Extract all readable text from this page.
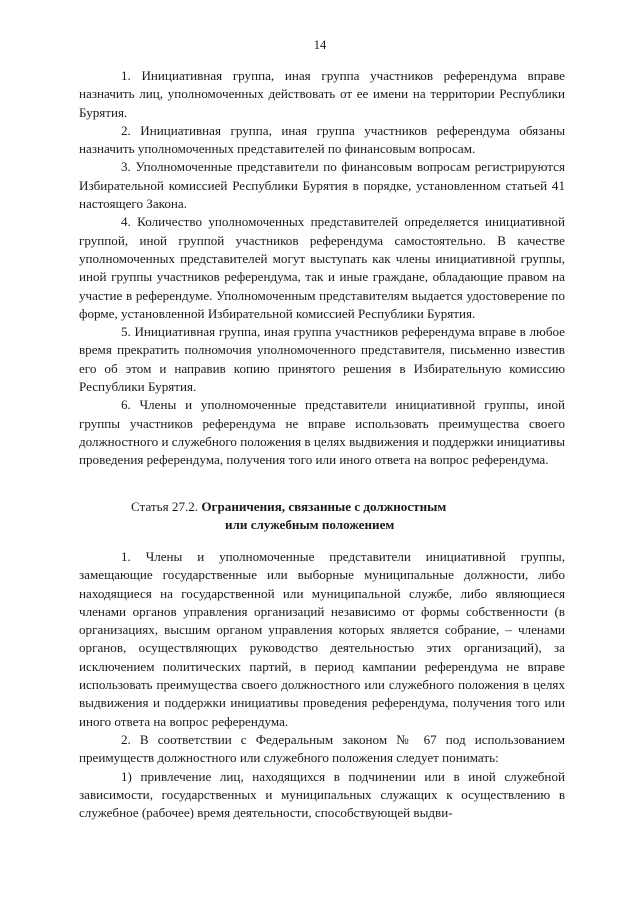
14

1. Инициативная группа, иная группа участников референдума вправе назначить лиц, уполномоченных действовать от ее имени на территории Республики Бурятия.

2. Инициативная группа, иная группа участников референдума обязаны назначить уполномоченных представителей по финансовым вопросам.

3. Уполномоченные представители по финансовым вопросам регистрируются Избирательной комиссией Республики Бурятия в порядке, установленном статьей 41 настоящего Закона.

4. Количество уполномоченных представителей определяется инициативной группой, иной группой участников референдума самостоятельно. В качестве уполномоченных представителей могут выступать как члены инициативной группы, иной группы участников референдума, так и иные граждане, обладающие правом на участие в референдуме. Уполномоченным представителям выдается удостоверение по форме, установленной Избирательной комиссией Республики Бурятия.

5. Инициативная группа, иная группа участников референдума вправе в любое время прекратить полномочия уполномоченного представителя, письменно известив его об этом и направив копию принятого решения в Избирательную комиссию Республики Бурятия.

6. Члены и уполномоченные представители инициативной группы, иной группы участников референдума не вправе использовать преимущества своего должностного и служебного положения в целях выдвижения и поддержки инициативы проведения референдума, получения того или иного ответа на вопрос референдума.

Статья 27.2. Ограничения, связанные с должностным
или служебным положением

1. Члены и уполномоченные представители инициативной группы, замещающие государственные или выборные муниципальные должности, либо находящиеся на государственной или муниципальной службе, либо являющиеся членами органов управления организаций независимо от формы собственности (в организациях, высшим органом управления которых является собрание, – членами органов, осуществляющих руководство деятельностью этих организаций), за исключением политических партий, в период кампании референдума не вправе использовать преимущества своего должностного или служебного положения в целях выдвижения и поддержки инициативы проведения референдума, получения того или иного ответа на вопрос референдума.

2. В соответствии с Федеральным законом № 67 под использованием преимуществ должностного или служебного положения следует понимать:

1) привлечение лиц, находящихся в подчинении или в иной служебной зависимости, государственных и муниципальных служащих к осуществлению в служебное (рабочее) время деятельности, способствующей выдви-
